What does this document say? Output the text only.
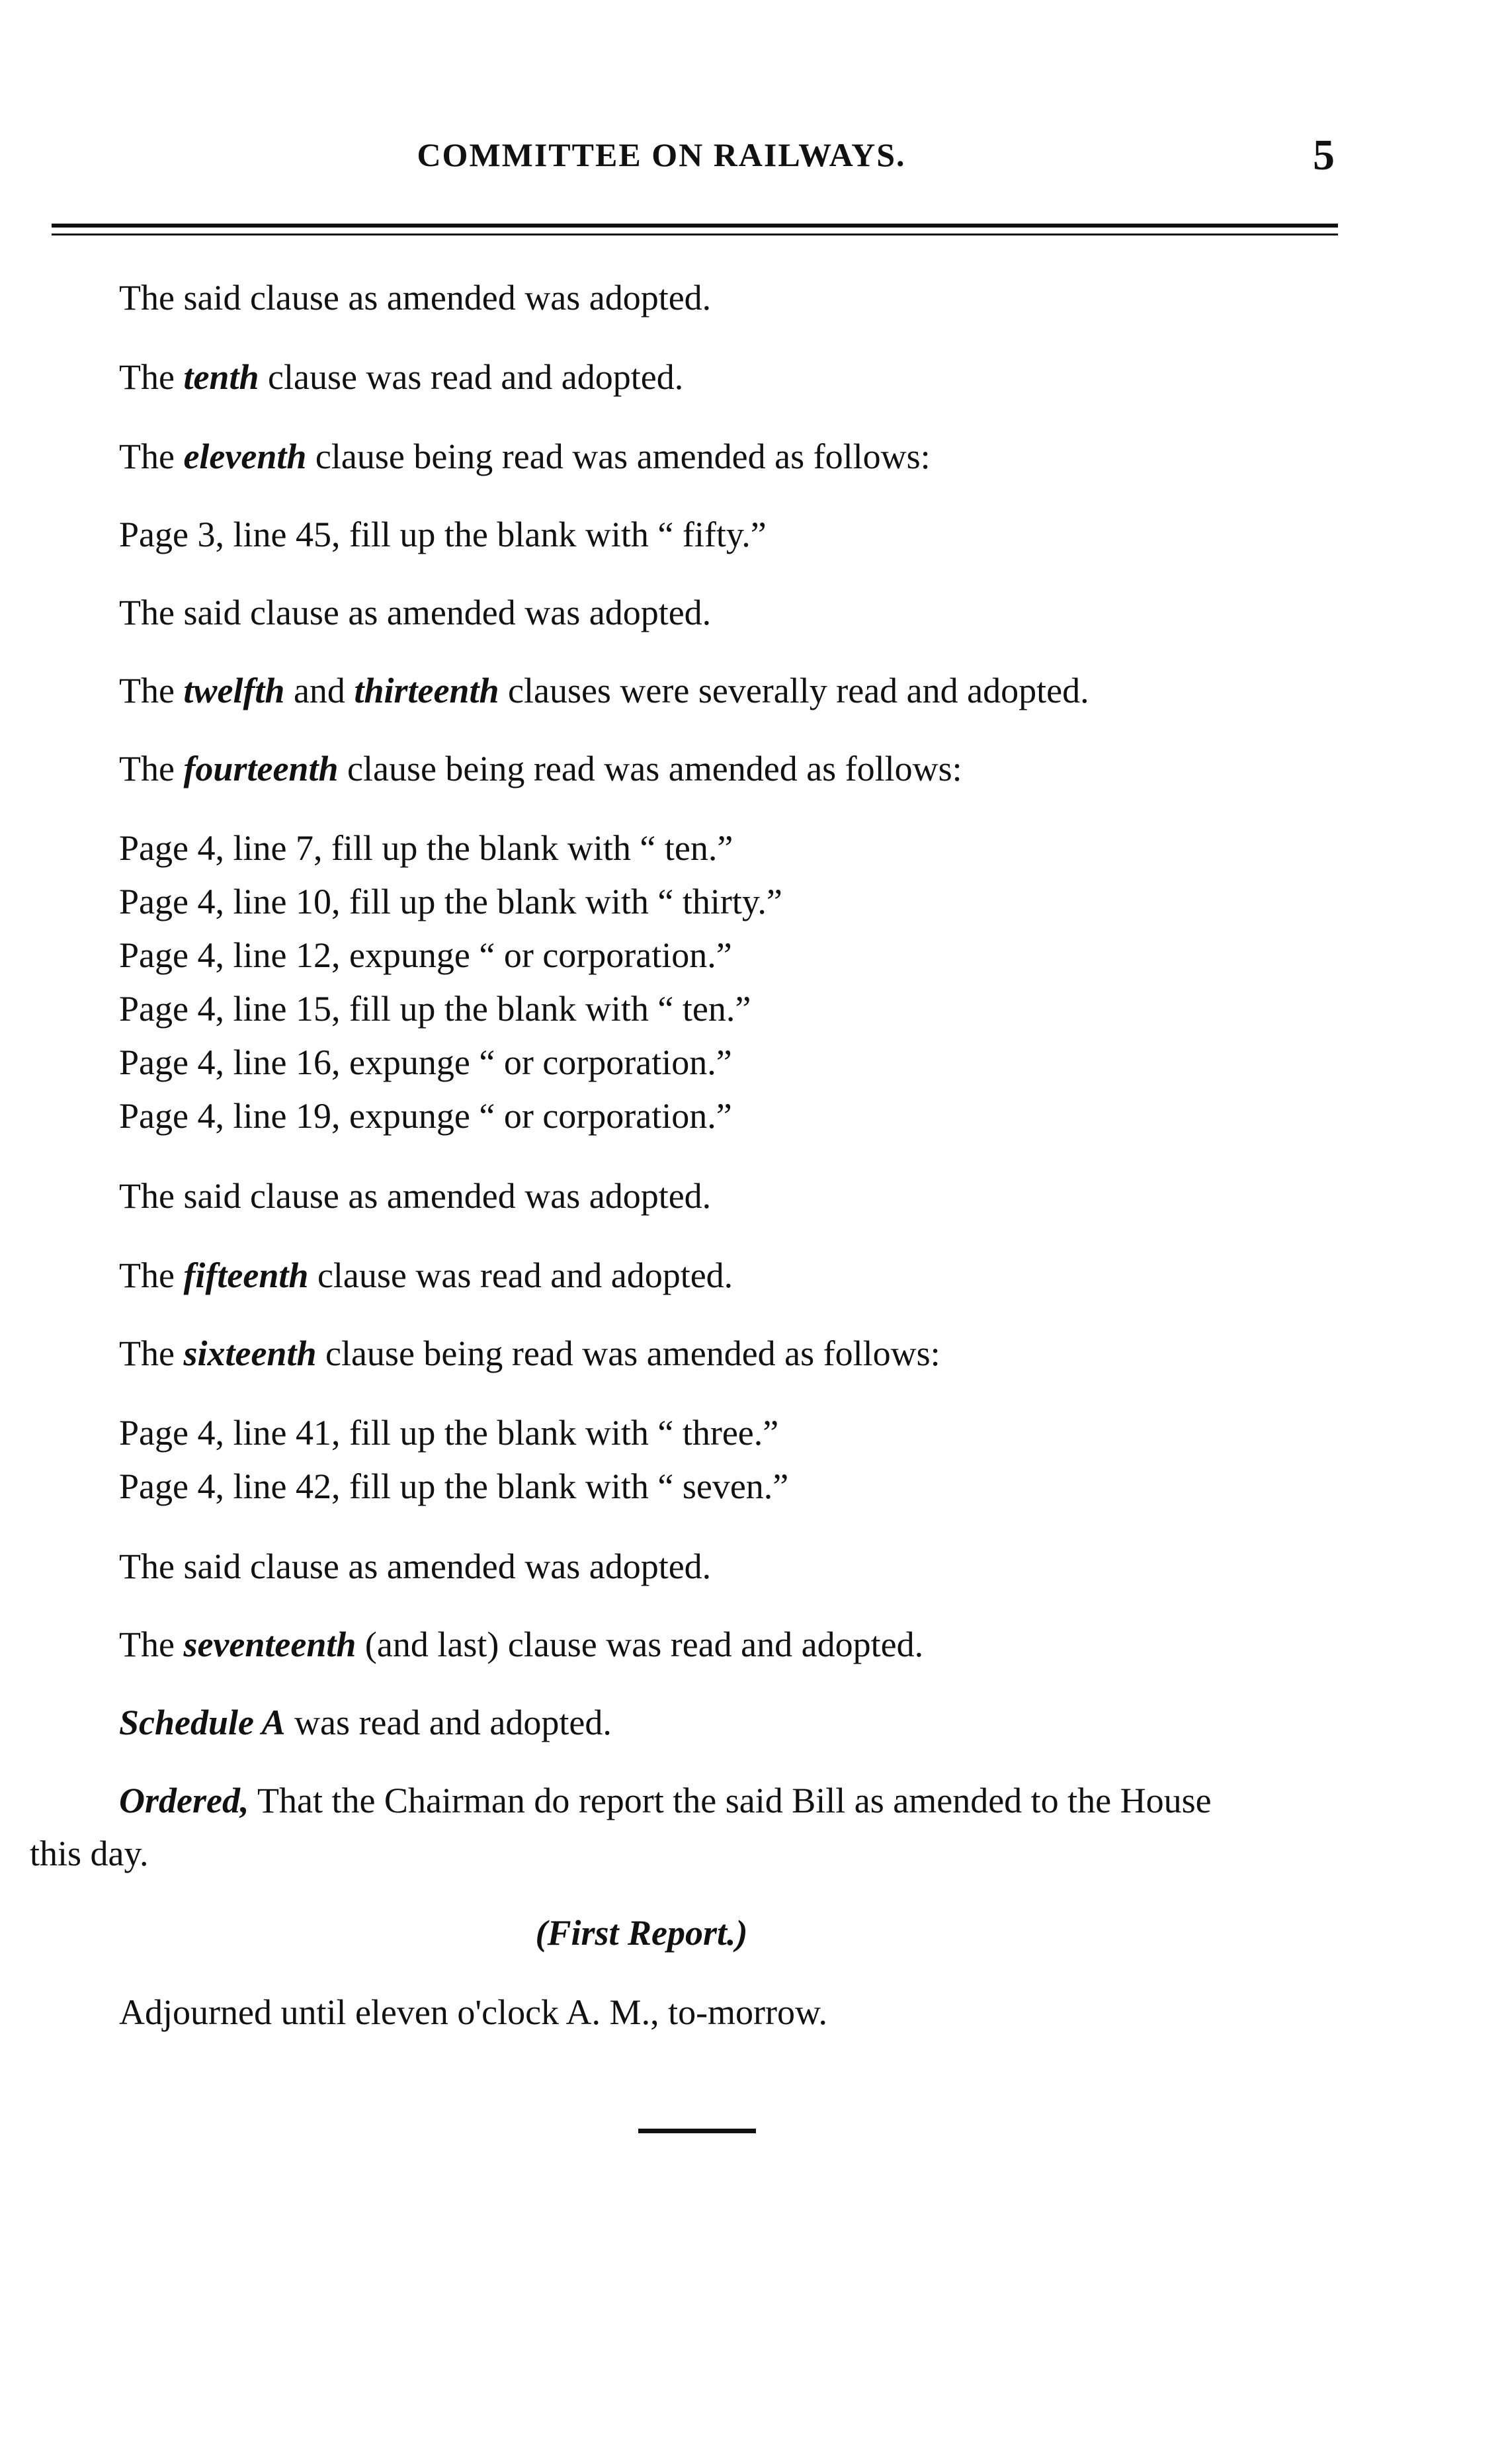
COMMITTEE ON RAILWAYS.	5

The said clause as amended was adopted.

The tenth clause was read and adopted.

The eleventh clause being read was amended as follows:

Page 3, line 45, fill up the blank with “ fifty.”

The said clause as amended was adopted.

The twelfth and thirteenth clauses were severally read and adopted.

The fourteenth clause being read was amended as follows:

Page 4, line 7, fill up the blank with “ ten.”

Page 4, line 10, fill up the blank with “ thirty.”

Page 4, line 12, expunge “ or corporation.”

Page 4, line 15, fill up the blank with “ ten.”

Page 4, line 16, expunge “ or corporation.”

Page 4, line 19, expunge “ or corporation.”

The said clause as amended was adopted.

The fifteenth clause was read and adopted.

The sixteenth clause being read was amended as follows:

Page 4, line 41, fill up the blank with “ three.”

Page 4, line 42, fill up the blank with “ seven.”

The said clause as amended was adopted.

The seventeenth (and last) clause was read and adopted.

Schedule A was read and adopted.

Ordered, That the Chairman do report the said Bill as amended to the House
this day.

(First Report.)

Adjourned until eleven o'clock A. M., to-morrow.
